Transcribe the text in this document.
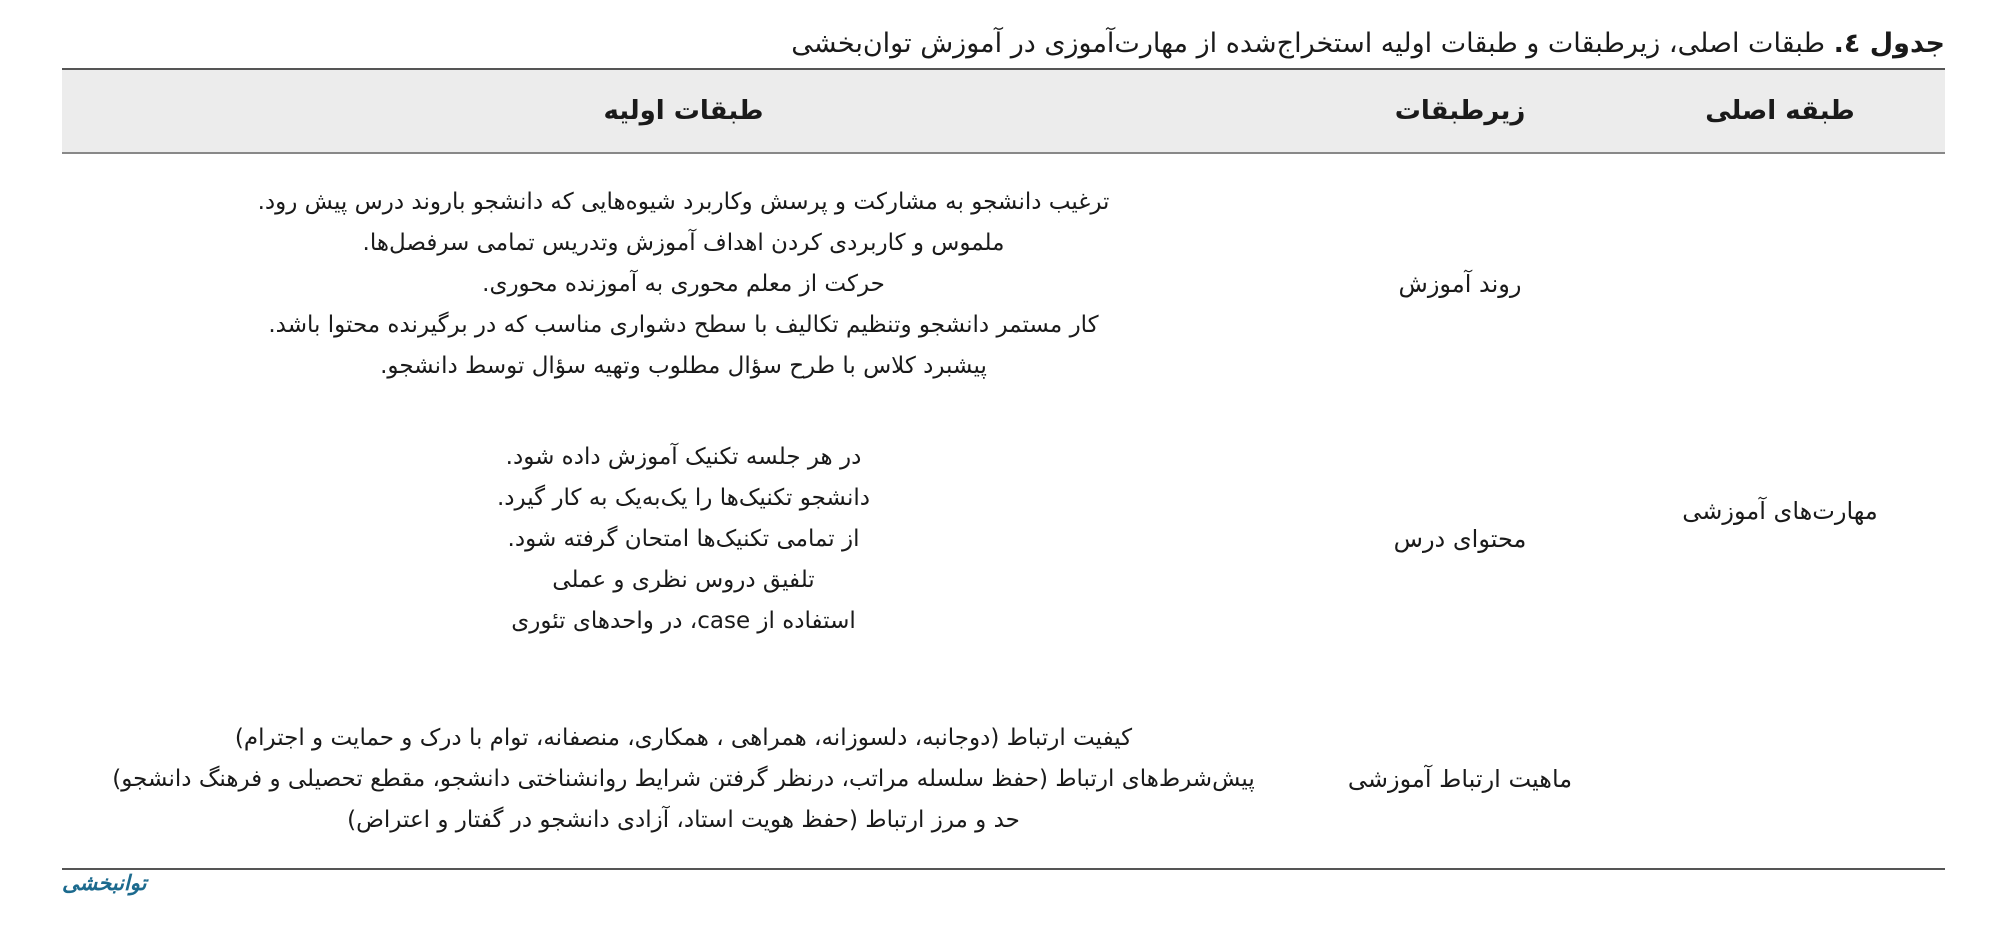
جدول ٤. طبقات اصلی، زیرطبقات و طبقات اولیه استخراج‌شده از مهارت‌آموزی در آموزش توان‌بخشی
طبقه اصلی
زیرطبقات
طبقات اولیه
مهارت‌های آموزشی
روند آموزش
ترغیب دانشجو به مشارکت و پرسش وکاربرد شیوه‌هایی که دانشجو باروند درس پیش رود.
ملموس و کاربردی کردن اهداف آموزش وتدریس تمامی سرفصل‌ها.
حرکت از معلم محوری به آموزنده محوری.
کار مستمر دانشجو وتنظیم تکالیف با سطح دشواری مناسب که در برگیرنده محتوا باشد.
پیشبرد کلاس با طرح سؤال مطلوب وتهیه سؤال توسط دانشجو.
محتوای درس
در هر جلسه تکنیک آموزش داده شود.
دانشجو تکنیک‌ها را یک‌به‌یک به کار گیرد.
از تمامی تکنیک‌ها امتحان گرفته شود.
تلفیق دروس نظری و عملی
استفاده از case، در واحدهای تئوری
ماهیت ارتباط آموزشی
کیفیت ارتباط (دوجانبه، دلسوزانه، همراهی ، همکاری، منصفانه، توام با درک و حمایت و اجترام)
پیش‌شرط‌های ارتباط (حفظ سلسله مراتب، درنظر گرفتن شرایط روانشناختی دانشجو، مقطع تحصیلی و فرهنگ دانشجو)
حد و مرز ارتباط (حفظ هویت استاد، آزادی دانشجو در گفتار و اعتراض)
توانبخشی
